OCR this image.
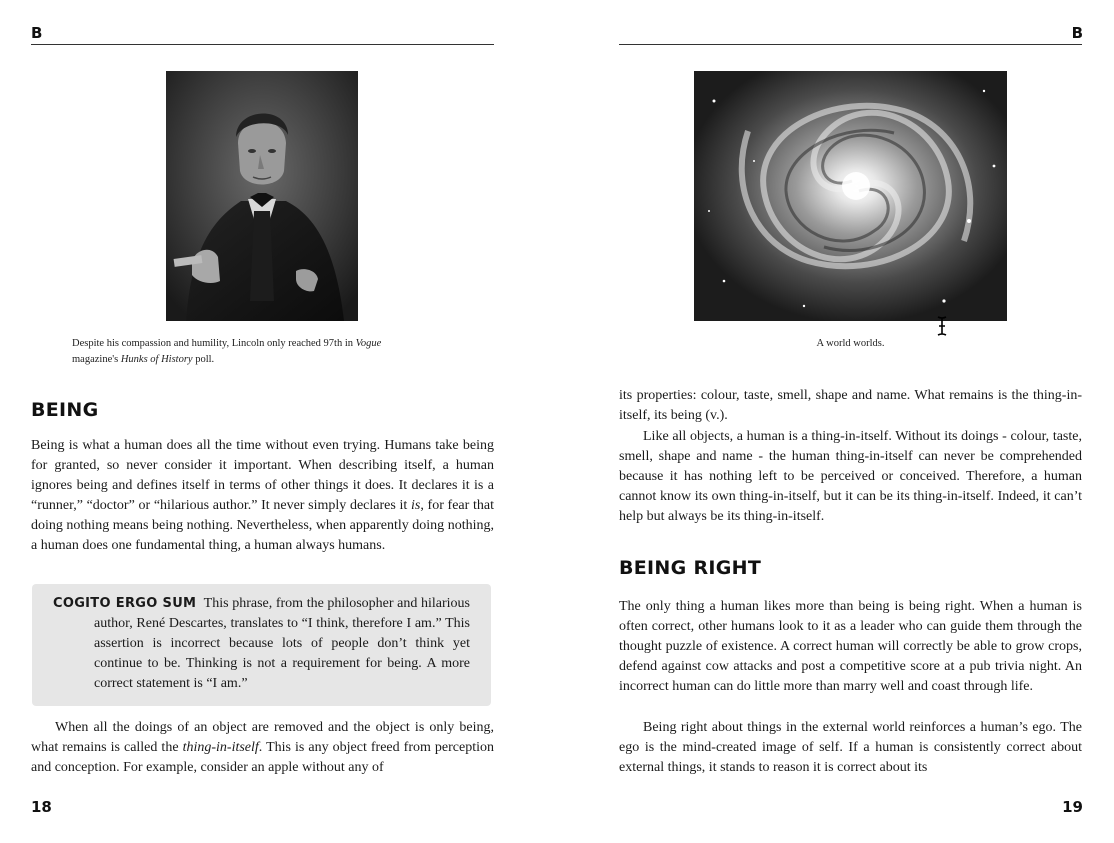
B
Despite his compassion and humility, Lincoln only reached 97th in Vogue
magazine's Hunks of History poll.
BEING

Being is what a human does all the time without even trying. Humans take being for granted, so never consider it important. When describing itself, a human ignores being and defines itself in terms of other things it does. It declares it is a “runner,” “doctor” or “hilarious author.” It never simply declares it is, for fear that doing nothing means being nothing. Nevertheless, when apparently doing nothing, a human does one fundamental thing, a human always humans.

COGITO ERGO SUM This phrase, from the philosopher and hilarious author, René Descartes, translates to “I think, therefore I am.” This assertion is incorrect because lots of people don’t think yet continue to be. Thinking is not a requirement for being. A more correct statement is “I am.”

When all the doings of an object are removed and the object is only being, what remains is called the thing-in-itself. This is any object freed from perception and conception. For example, consider an apple without any of

18
B
A world worlds.

its properties: colour, taste, smell, shape and name. What remains is the thing-in-itself, its being (v.).

Like all objects, a human is a thing-in-itself. Without its doings - colour, taste, smell, shape and name - the human thing-in-itself can never be comprehended because it has nothing left to be perceived or conceived. Therefore, a human cannot know its own thing-in-itself, but it can be its thing-in-itself. Indeed, it can’t help but always be its thing-in-itself.

BEING RIGHT

The only thing a human likes more than being is being right. When a human is often correct, other humans look to it as a leader who can guide them through the thought puzzle of existence. A correct human will correctly be able to grow crops, defend against cow attacks and post a competitive score at a pub trivia night. An incorrect human can do little more than marry well and coast through life.

Being right about things in the external world reinforces a human’s ego. The ego is the mind-created image of self. If a human is consistently correct about external things, it stands to reason it is correct about its

19
